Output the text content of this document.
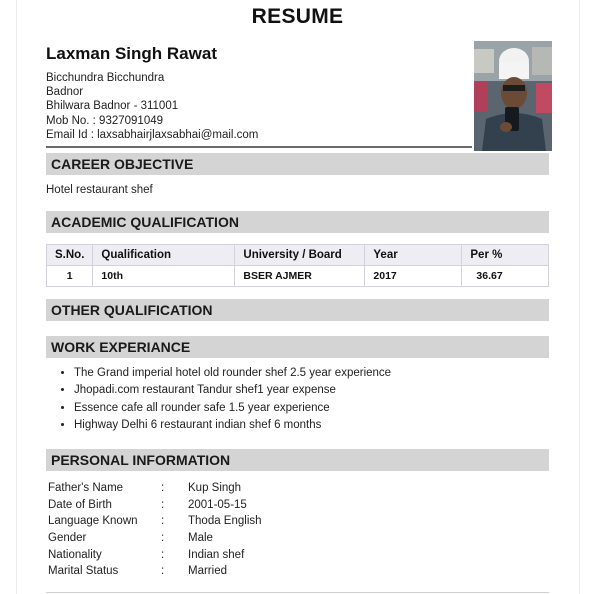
RESUME
Laxman Singh Rawat
Bicchundra Bicchundra
Badnor
Bhilwara Badnor - 311001
Mob No. : 9327091049
Email Id : laxsabhairjlaxsabhai@mail.com
CAREER OBJECTIVE
Hotel restaurant shef
ACADEMIC QUALIFICATION
S.No.	Qualification	University / Board	Year	Per %
1	10th	BSER AJMER	2017	36.67
OTHER QUALIFICATION
WORK EXPERIANCE
• The Grand imperial hotel old rounder shef 2.5 year experience
• Jhopadi.com restaurant Tandur shef1 year expense
• Essence cafe all rounder safe 1.5 year experience
• Highway Delhi 6 restaurant indian shef 6 months
PERSONAL INFORMATION
Father's Name	:	Kup Singh
Date of Birth	:	2001-05-15
Language Known	:	Thoda English
Gender	:	Male
Nationality	:	Indian shef
Marital Status	:	Married
